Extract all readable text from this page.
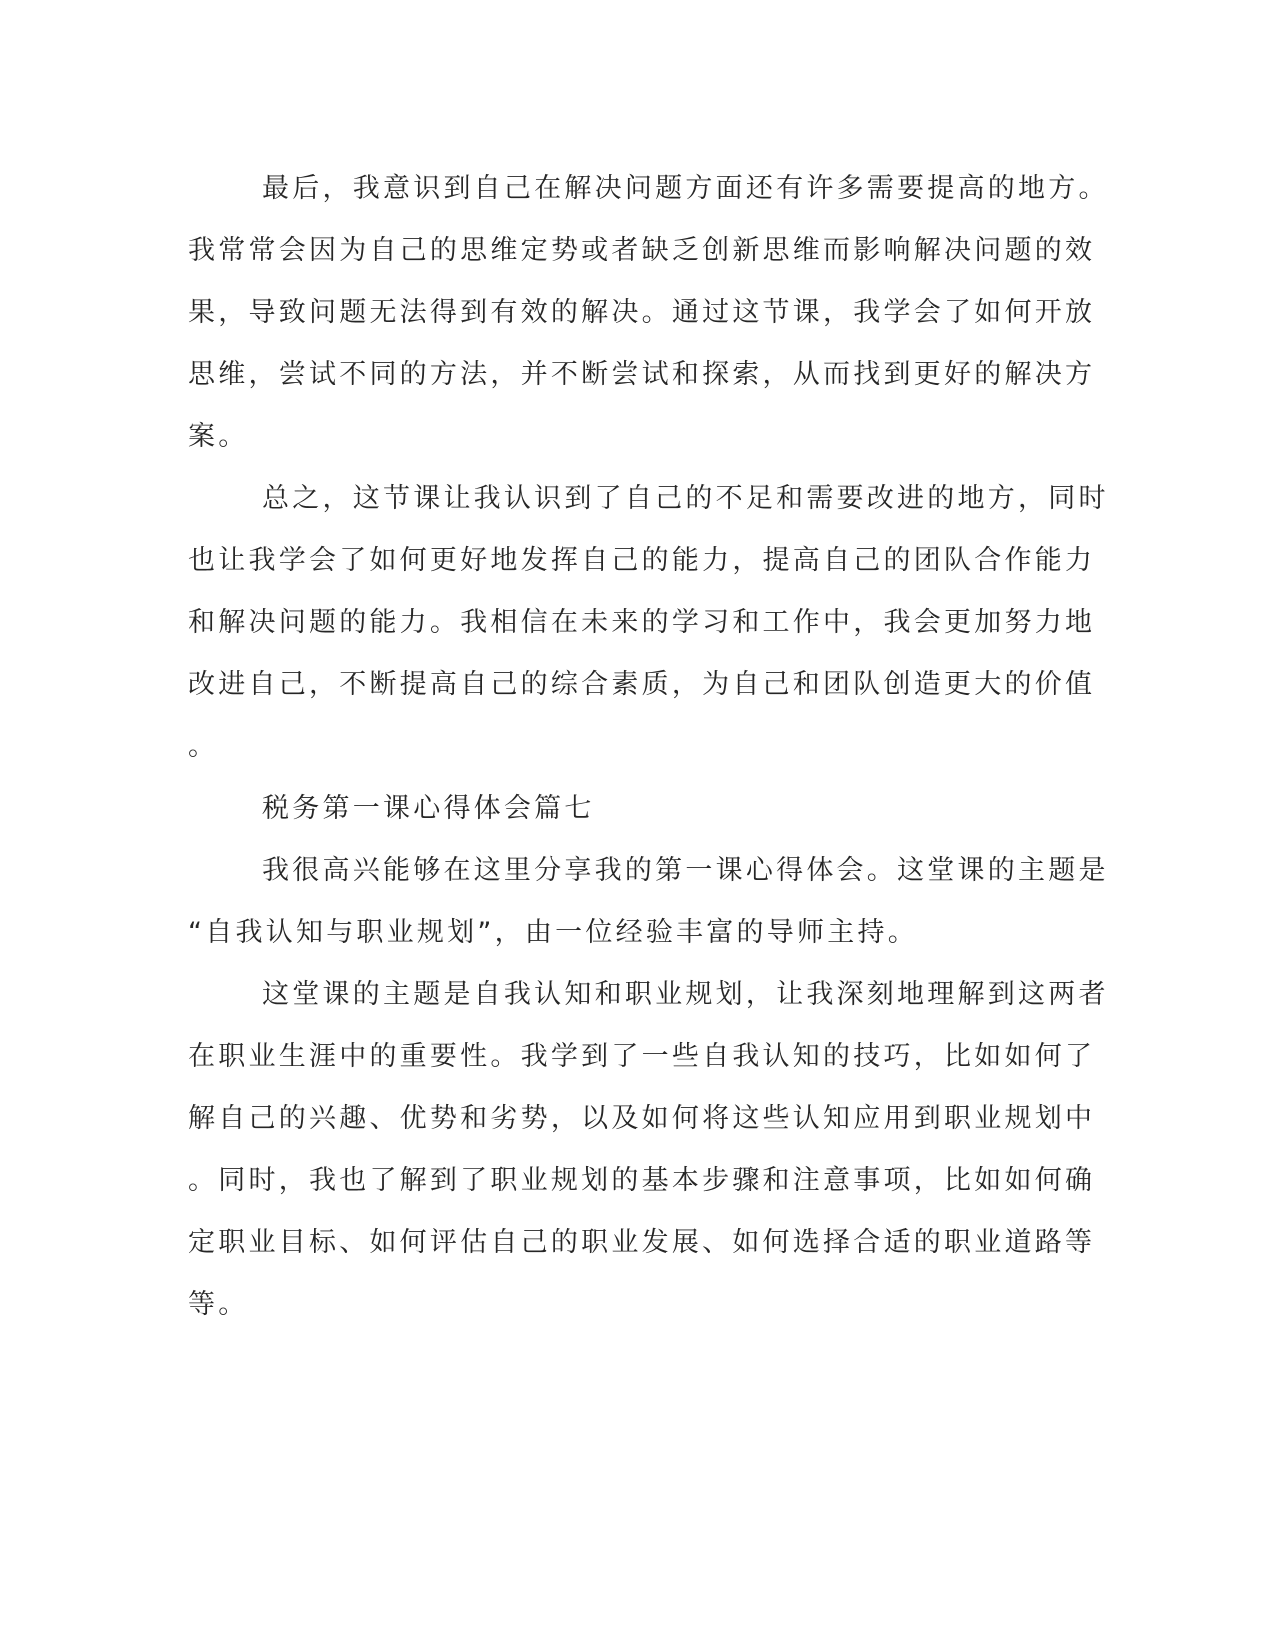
最后，我意识到自己在解决问题方面还有许多需要提高的地方。
我常常会因为自己的思维定势或者缺乏创新思维而影响解决问题的效
果，导致问题无法得到有效的解决。通过这节课，我学会了如何开放
思维，尝试不同的方法，并不断尝试和探索，从而找到更好的解决方
案。
总之，这节课让我认识到了自己的不足和需要改进的地方，同时
也让我学会了如何更好地发挥自己的能力，提高自己的团队合作能力
和解决问题的能力。我相信在未来的学习和工作中，我会更加努力地
改进自己，不断提高自己的综合素质，为自己和团队创造更大的价值
。
税务第一课心得体会篇七
我很高兴能够在这里分享我的第一课心得体会。这堂课的主题是
“自我认知与职业规划”，由一位经验丰富的导师主持。
这堂课的主题是自我认知和职业规划，让我深刻地理解到这两者
在职业生涯中的重要性。我学到了一些自我认知的技巧，比如如何了
解自己的兴趣、优势和劣势，以及如何将这些认知应用到职业规划中
。同时，我也了解到了职业规划的基本步骤和注意事项，比如如何确
定职业目标、如何评估自己的职业发展、如何选择合适的职业道路等
等。
